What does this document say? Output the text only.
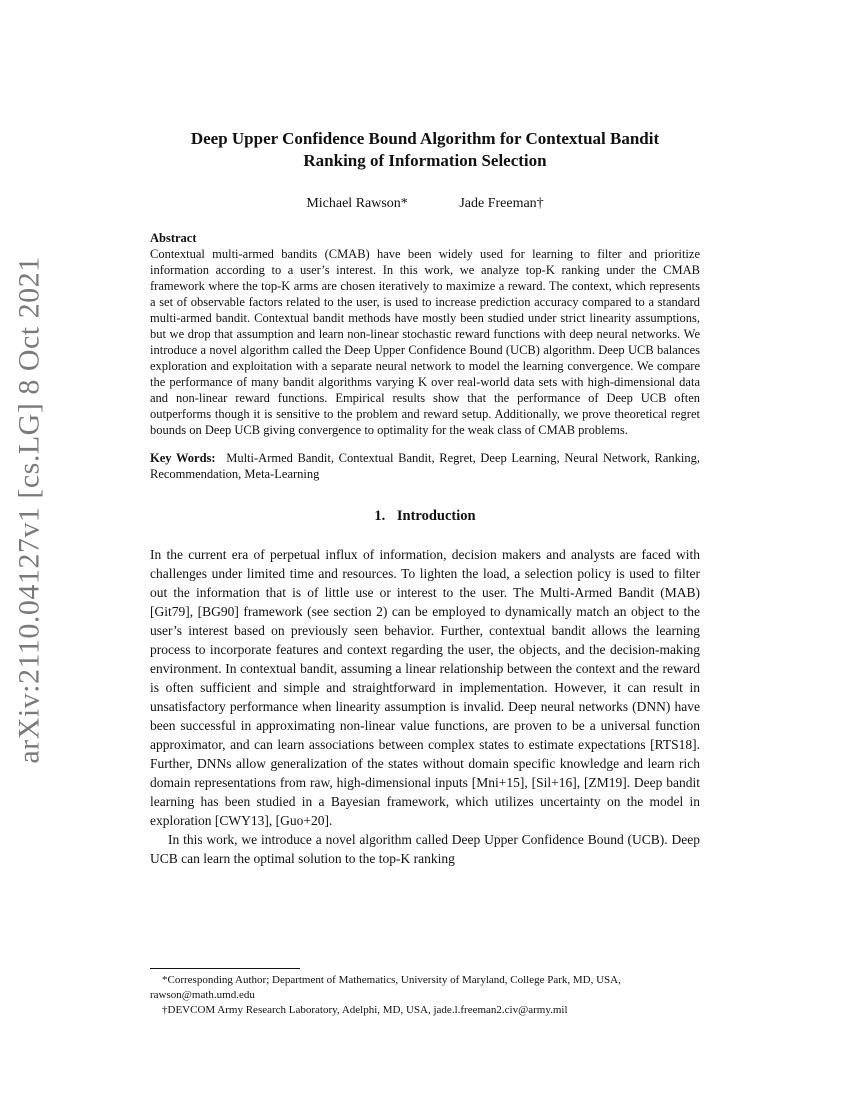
arXiv:2110.04127v1 [cs.LG] 8 Oct 2021
Deep Upper Confidence Bound Algorithm for Contextual Bandit
Ranking of Information Selection
Michael Rawson*	Jade Freeman†
Abstract

Contextual multi-armed bandits (CMAB) have been widely used for learning to filter and prioritize information according to a user’s interest. In this work, we analyze top-K ranking under the CMAB framework where the top-K arms are chosen iteratively to maximize a reward. The context, which represents a set of observable factors related to the user, is used to increase prediction accuracy compared to a standard multi-armed bandit. Contextual bandit methods have mostly been studied under strict linearity assumptions, but we drop that assumption and learn non-linear stochastic reward functions with deep neural networks. We introduce a novel algorithm called the Deep Upper Confidence Bound (UCB) algorithm. Deep UCB balances exploration and exploitation with a separate neural network to model the learning convergence. We compare the performance of many bandit algorithms varying K over real-world data sets with high-dimensional data and non-linear reward functions. Empirical results show that the performance of Deep UCB often outperforms though it is sensitive to the problem and reward setup. Additionally, we prove theoretical regret bounds on Deep UCB giving convergence to optimality for the weak class of CMAB problems.

Key Words: Multi-Armed Bandit, Contextual Bandit, Regret, Deep Learning, Neural Network, Ranking, Recommendation, Meta-Learning
1. Introduction

In the current era of perpetual influx of information, decision makers and analysts are faced with challenges under limited time and resources. To lighten the load, a selection policy is used to filter out the information that is of little use or interest to the user. The Multi-Armed Bandit (MAB) [Git79], [BG90] framework (see section 2) can be employed to dynamically match an object to the user’s interest based on previously seen behavior. Further, contextual bandit allows the learning process to incorporate features and context regarding the user, the objects, and the decision-making environment. In contextual bandit, assuming a linear relationship between the context and the reward is often sufficient and simple and straightforward in implementation. However, it can result in unsatisfactory performance when linearity assumption is invalid. Deep neural networks (DNN) have been successful in approximating non-linear value functions, are proven to be a universal function approximator, and can learn associations between complex states to estimate expectations [RTS18]. Further, DNNs allow generalization of the states without domain specific knowledge and learn rich domain representations from raw, high-dimensional inputs [Mni+15], [Sil+16], [ZM19]. Deep bandit learning has been studied in a Bayesian framework, which utilizes uncertainty on the model in exploration [CWY13], [Guo+20].

In this work, we introduce a novel algorithm called Deep Upper Confidence Bound (UCB). Deep UCB can learn the optimal solution to the top-K ranking

*Corresponding Author; Department of Mathematics, University of Maryland, College Park, MD, USA, rawson@math.umd.edu

†DEVCOM Army Research Laboratory, Adelphi, MD, USA, jade.l.freeman2.civ@army.mil
